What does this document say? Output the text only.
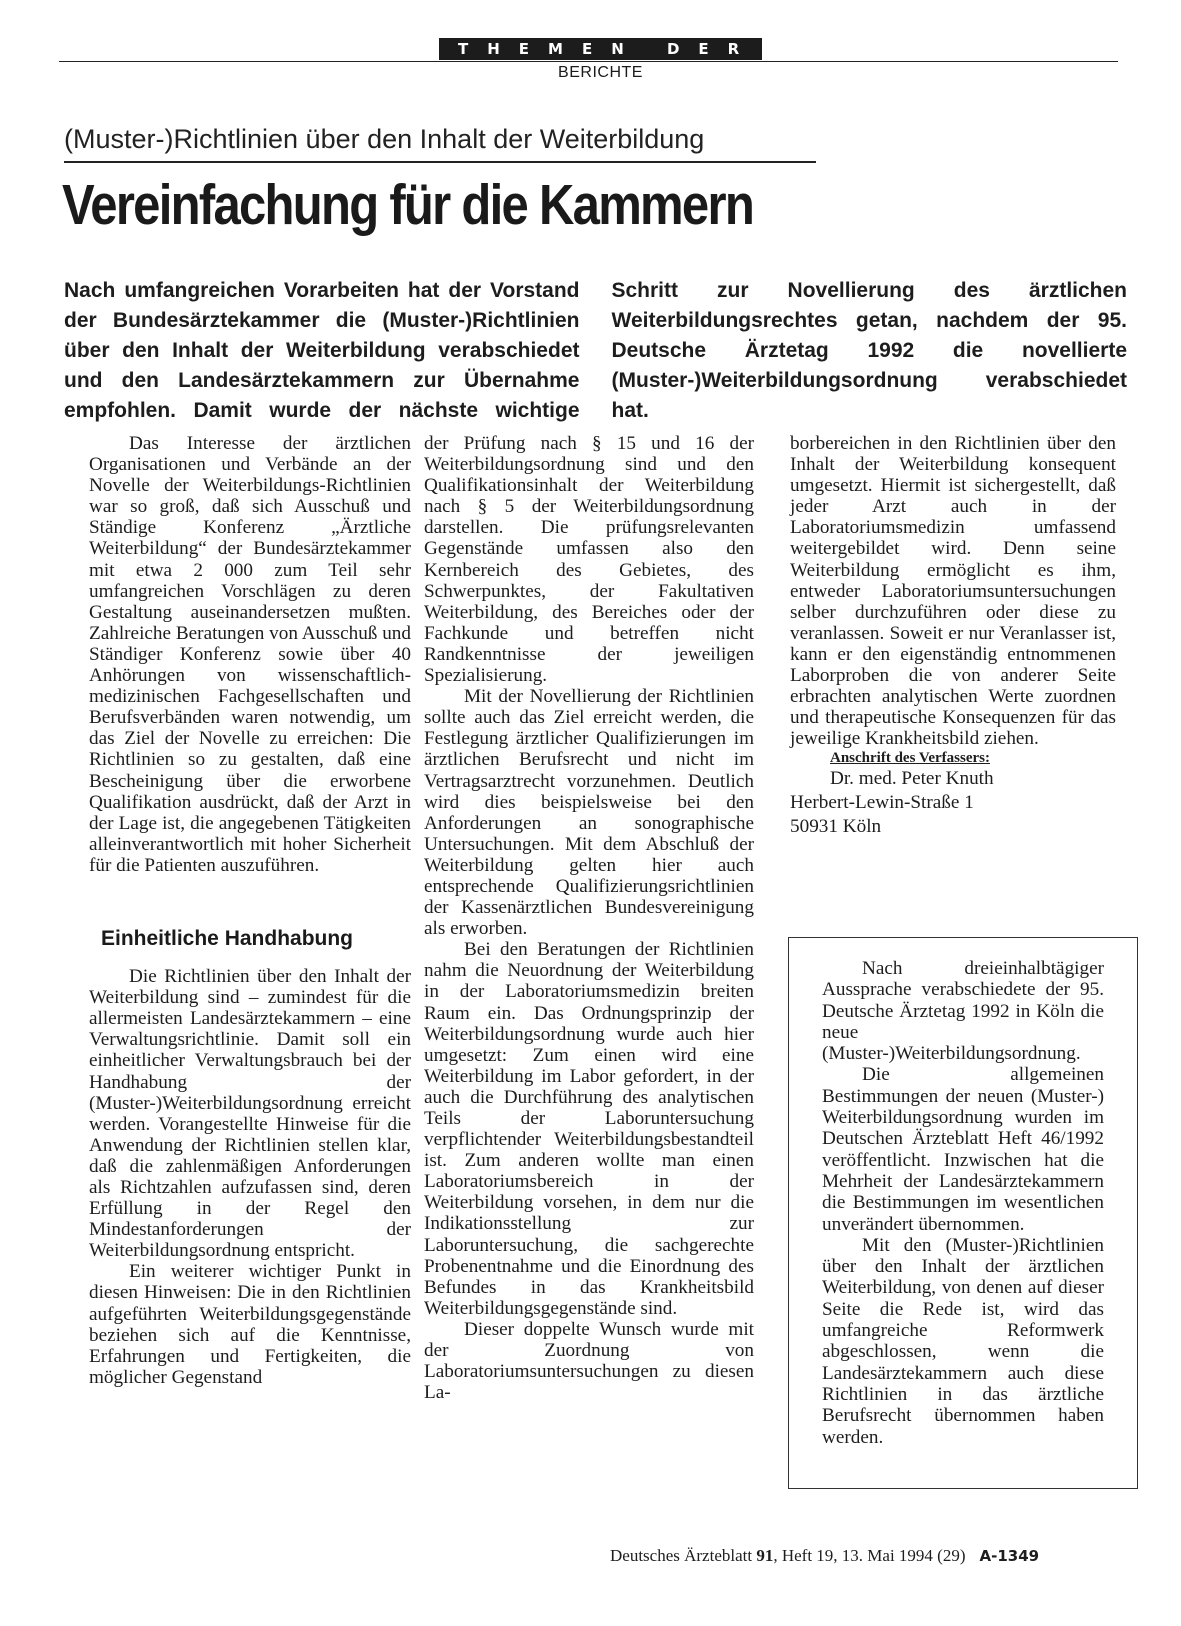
THEMEN DER ZEIT
BERICHTE
(Muster-)Richtlinien über den Inhalt der Weiterbildung
Vereinfachung für die Kammern
Nach umfangreichen Vorarbeiten hat der Vorstand der Bundesärztekammer die (Muster-)Richtlinien über den Inhalt der Weiterbildung verabschiedet und den Landesärztekammern zur Übernahme empfohlen. Damit wurde der nächste wichtige Schritt zur Novellierung des ärztlichen Weiterbildungsrechtes getan, nachdem der 95. Deutsche Ärztetag 1992 die novellierte (Muster-)Weiterbildungsordnung verabschiedet hat.

Das Interesse der ärztlichen Organisationen und Verbände an der Novelle der Weiterbildungs-Richtlinien war so groß, daß sich Ausschuß und Ständige Konferenz „Ärztliche Weiterbildung“ der Bundesärztekammer mit etwa 2 000 zum Teil sehr umfangreichen Vorschlägen zu deren Gestaltung auseinandersetzen mußten. Zahlreiche Beratungen von Ausschuß und Ständiger Konferenz sowie über 40 Anhörungen von wissenschaftlich-medizinischen Fachgesellschaften und Berufsverbänden waren notwendig, um das Ziel der Novelle zu erreichen: Die Richtlinien so zu gestalten, daß eine Bescheinigung über die erworbene Qualifikation ausdrückt, daß der Arzt in der Lage ist, die angegebenen Tätigkeiten alleinverantwortlich mit hoher Sicherheit für die Patienten auszuführen.

Einheitliche Handhabung

Die Richtlinien über den Inhalt der Weiterbildung sind – zumindest für die allermeisten Landesärztekammern – eine Verwaltungsrichtlinie. Damit soll ein einheitlicher Verwaltungsbrauch bei der Handhabung der (Muster-)Weiterbildungsordnung erreicht werden. Vorangestellte Hinweise für die Anwendung der Richtlinien stellen klar, daß die zahlenmäßigen Anforderungen als Richtzahlen aufzufassen sind, deren Erfüllung in der Regel den Mindestanforderungen der Weiterbildungsordnung entspricht.

Ein weiterer wichtiger Punkt in diesen Hinweisen: Die in den Richtlinien aufgeführten Weiterbildungsgegenstände beziehen sich auf die Kenntnisse, Erfahrungen und Fertigkeiten, die möglicher Gegenstand

der Prüfung nach § 15 und 16 der Weiterbildungsordnung sind und den Qualifikationsinhalt der Weiterbildung nach § 5 der Weiterbildungsordnung darstellen. Die prüfungsrelevanten Gegenstände umfassen also den Kernbereich des Gebietes, des Schwerpunktes, der Fakultativen Weiterbildung, des Bereiches oder der Fachkunde und betreffen nicht Randkenntnisse der jeweiligen Spezialisierung.

Mit der Novellierung der Richtlinien sollte auch das Ziel erreicht werden, die Festlegung ärztlicher Qualifizierungen im ärztlichen Berufsrecht und nicht im Vertragsarztrecht vorzunehmen. Deutlich wird dies beispielsweise bei den Anforderungen an sonographische Untersuchungen. Mit dem Abschluß der Weiterbildung gelten hier auch entsprechende Qualifizierungsrichtlinien der Kassenärztlichen Bundesvereinigung als erworben.

Bei den Beratungen der Richtlinien nahm die Neuordnung der Weiterbildung in der Laboratoriumsmedizin breiten Raum ein. Das Ordnungsprinzip der Weiterbildungsordnung wurde auch hier umgesetzt: Zum einen wird eine Weiterbildung im Labor gefordert, in der auch die Durchführung des analytischen Teils der Laboruntersuchung verpflichtender Weiterbildungsbestandteil ist. Zum anderen wollte man einen Laboratoriumsbereich in der Weiterbildung vorsehen, in dem nur die Indikationsstellung zur Laboruntersuchung, die sachgerechte Probenentnahme und die Einordnung des Befundes in das Krankheitsbild Weiterbildungsgegenstände sind.

Dieser doppelte Wunsch wurde mit der Zuordnung von Laboratoriumsuntersuchungen zu diesen La-

borbereichen in den Richtlinien über den Inhalt der Weiterbildung konsequent umgesetzt. Hiermit ist sichergestellt, daß jeder Arzt auch in der Laboratoriumsmedizin umfassend weitergebildet wird. Denn seine Weiterbildung ermöglicht es ihm, entweder Laboratoriumsuntersuchungen selber durchzuführen oder diese zu veranlassen. Soweit er nur Veranlasser ist, kann er den eigenständig entnommenen Laborproben die von anderer Seite erbrachten analytischen Werte zuordnen und therapeutische Konsequenzen für das jeweilige Krankheitsbild ziehen.

Anschrift des Verfassers:

Dr. med. Peter Knuth
Herbert-Lewin-Straße 1
50931 Köln

Nach dreieinhalbtägiger Aussprache verabschiedete der 95. Deutsche Ärztetag 1992 in Köln die neue (Muster-)Weiterbildungsordnung.

Die allgemeinen Bestimmungen der neuen (Muster-) Weiterbildungsordnung wurden im Deutschen Ärzteblatt Heft 46/1992 veröffentlicht. Inzwischen hat die Mehrheit der Landesärztekammern die Bestimmungen im wesentlichen unverändert übernommen.

Mit den (Muster-)Richtlinien über den Inhalt der ärztlichen Weiterbildung, von denen auf dieser Seite die Rede ist, wird das umfangreiche Reformwerk abgeschlossen, wenn die Landesärztekammern auch diese Richtlinien in das ärztliche Berufsrecht übernommen haben werden.

Deutsches Ärzteblatt 91, Heft 19, 13. Mai 1994 (29) A-1349
